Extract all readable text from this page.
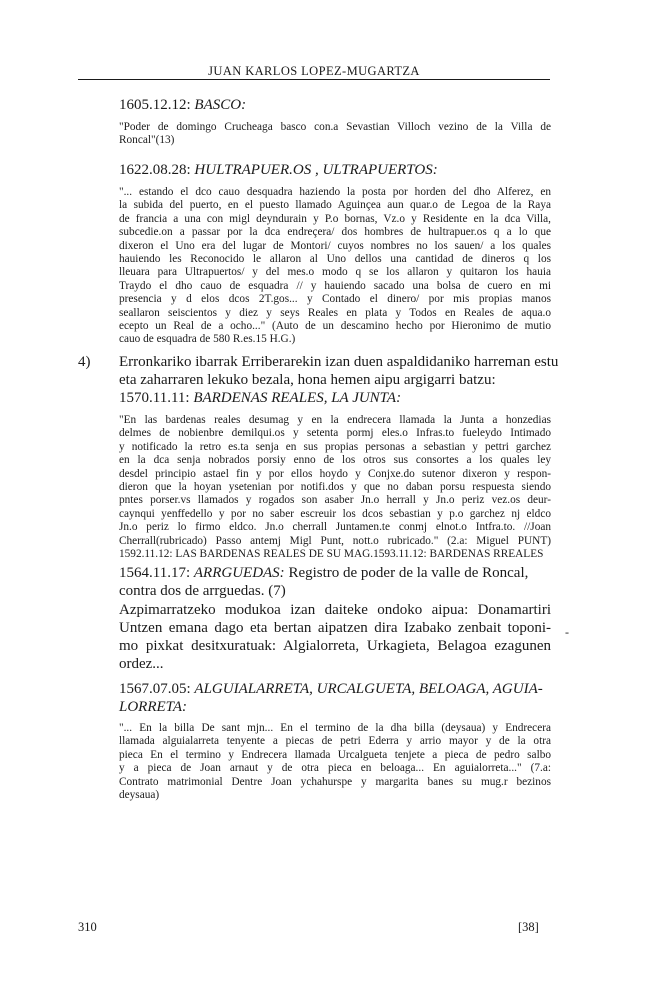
JUAN KARLOS LOPEZ-MUGARTZA
1605.12.12: BASCO:
"Poder de domingo Crucheaga basco con.a Sevastian Villoch vezino de la Villa de
Roncal"(13)
1622.08.28: HULTRAPUER.OS , ULTRAPUERTOS:
"... estando el dco cauo desquadra haziendo la posta por horden del dho Alferez, en
la subida del puerto, en el puesto llamado Aguinçea aun quar.o de Legoa de la Raya
de francia a una con migl deyndurain y P.o bornas, Vz.o y Residente en la dca Villa,
subcedie.on a passar por la dca endreçera/ dos hombres de hultrapuer.os q a lo que
dixeron el Uno era del lugar de Montori/ cuyos nombres no los sauen/ a los quales
hauiendo les Reconocido le allaron al Uno dellos una cantidad de dineros q los
lleuara para Ultrapuertos/ y del mes.o modo q se los allaron y quitaron los hauia
Traydo el dho cauo de esquadra // y hauiendo sacado una bolsa de cuero en mi
presencia y d elos dcos 2T.gos... y Contado el dinero/ por mis propias manos
seallaron seiscientos y diez y seys Reales en plata y Todos en Reales de aqua.o
ecepto un Real de a ocho..." (Auto de un descamino hecho por Hieronimo de mutio
cauo de esquadra de 580 R.es.15 H.G.)
4) Erronkariko ibarrak Erriberarekin izan duen aspaldidaniko harreman estu
eta zaharraren lekuko bezala, hona hemen aipu argigarri batzu:
1570.11.11: BARDENAS REALES, LA JUNTA:
"En las bardenas reales desumag y en la endrecera llamada la Junta a honzedias
delmes de nobienbre demilqui.os y setenta pormj eles.o Infras.to fueleydo Intimado
y notificado la retro es.ta senja en sus propias personas a sebastian y pettri garchez
en la dca senja nobrados porsiy enno de los otros sus consortes a los quales ley
desdel principio astael fin y por ellos hoydo y Conjxe.do sutenor dixeron y respon-
dieron que la hoyan ysetenian por notifi.dos y que no daban porsu respuesta siendo
pntes porser.vs llamados y rogados son asaber Jn.o herrall y Jn.o periz vez.os deur-
caynqui yenffedello y por no saber escreuir los dcos sebastian y p.o garchez nj eldco
Jn.o periz lo firmo eldco. Jn.o cherrall Juntamen.te conmj elnot.o Intfra.to. //Joan
Cherrall(rubricado) Passo antemj Migl Punt, nott.o rubricado." (2.a: Miguel PUNT)
1592.11.12: LAS BARDENAS REALES DE SU MAG.1593.11.12: BARDENAS RREALES
1564.11.17: ARRGUEDAS: Registro de poder de la valle de Roncal,
contra dos de arrguedas. (7)
Azpimarratzeko modukoa izan daiteke ondoko aipua: Donamartiri
Untzen emana dago eta bertan aipatzen dira Izabako zenbait toponi-
mo pixkat desitxuratuak: Algialorreta, Urkagieta, Belagoa ezagunen
ordez...
-
1567.07.05: ALGUIALARRETA, URCALGUETA, BELOAGA, AGUIA-
LORRETA:
"... En la billa De sant mjn... En el termino de la dha billa (deysaua) y Endrecera
llamada alguialarreta tenyente a piecas de petri Ederra y arrio mayor y de la otra
pieca En el termino y Endrecera llamada Urcalgueta tenjete a pieca de pedro salbo
y a pieca de Joan arnaut y de otra pieca en beloaga... En aguialorreta..." (7.a:
Contrato matrimonial Dentre Joan ychahurspe y margarita banes su mug.r bezinos
deysaua)
310	[38]
